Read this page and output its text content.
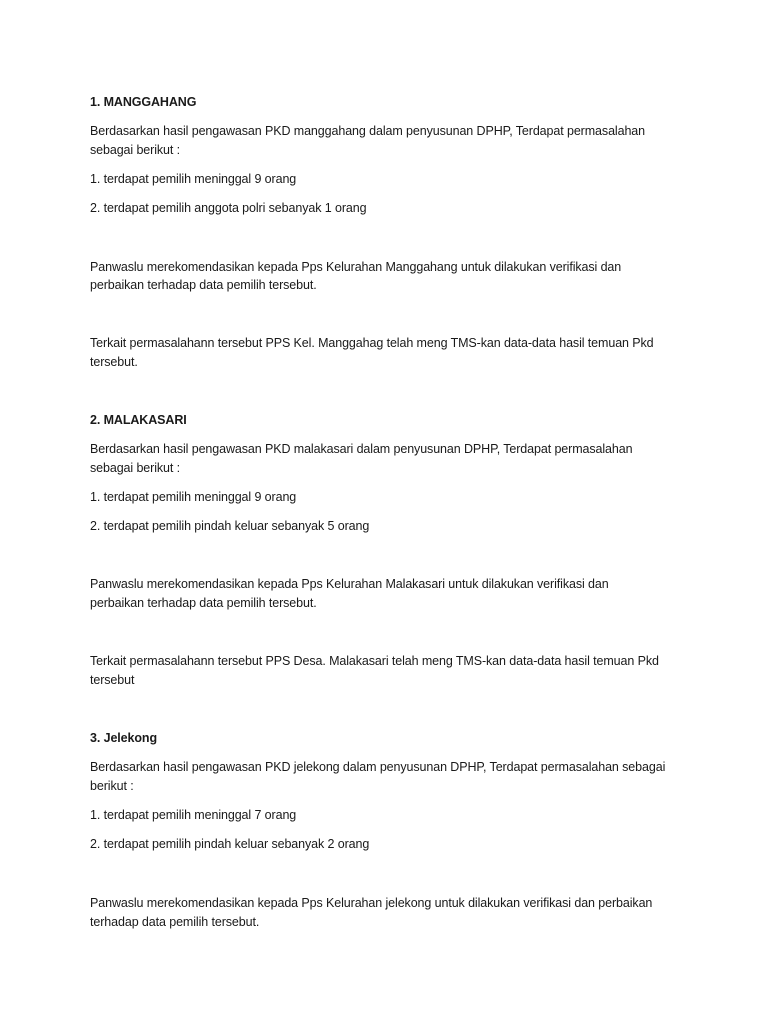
1. MANGGAHANG
Berdasarkan hasil pengawasan PKD manggahang dalam penyusunan DPHP, Terdapat permasalahan
sebagai berikut :
1. terdapat pemilih meninggal 9 orang
2. terdapat pemilih anggota polri sebanyak 1 orang
Panwaslu merekomendasikan kepada Pps Kelurahan Manggahang untuk dilakukan verifikasi dan
perbaikan terhadap data pemilih tersebut.
Terkait permasalahann tersebut PPS Kel. Manggahag telah meng TMS-kan data-data hasil temuan Pkd
tersebut.
2. MALAKASARI
Berdasarkan hasil pengawasan PKD malakasari dalam penyusunan DPHP, Terdapat permasalahan
sebagai berikut :
1. terdapat pemilih meninggal 9 orang
2. terdapat pemilih pindah keluar sebanyak 5 orang
Panwaslu merekomendasikan kepada Pps Kelurahan Malakasari untuk dilakukan verifikasi dan
perbaikan terhadap data pemilih tersebut.
Terkait permasalahann tersebut PPS Desa. Malakasari telah meng TMS-kan data-data hasil temuan Pkd
tersebut
3. Jelekong
Berdasarkan hasil pengawasan PKD jelekong dalam penyusunan DPHP, Terdapat permasalahan sebagai
berikut :
1. terdapat pemilih meninggal 7 orang
2. terdapat pemilih pindah keluar sebanyak 2 orang
Panwaslu merekomendasikan kepada Pps Kelurahan jelekong untuk dilakukan verifikasi dan perbaikan
terhadap data pemilih tersebut.
